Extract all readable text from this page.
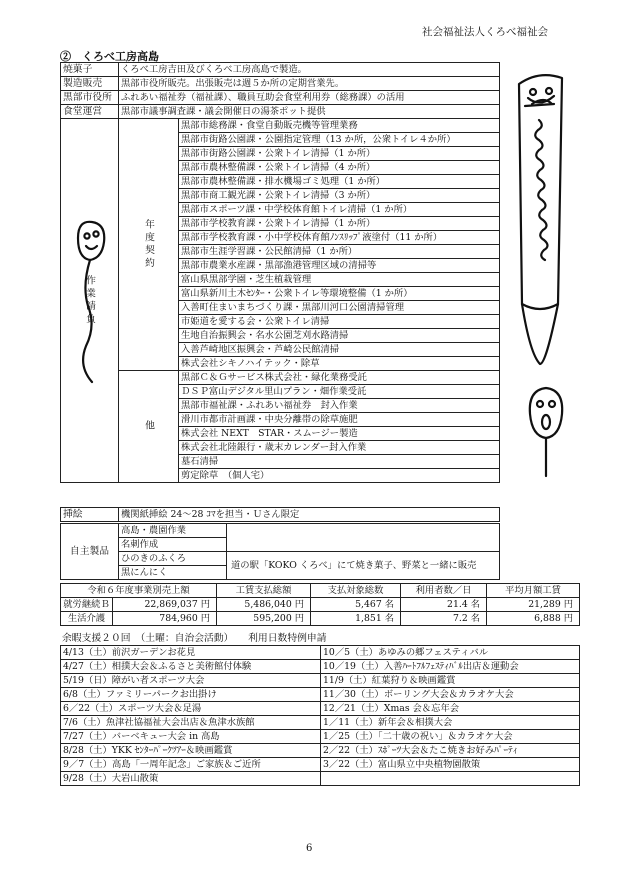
社会福祉法人くろべ福祉会
②　くろべ工房高島
焼菓子	くろべ工房吉田及びくろべ工房高島で製造。	
製造販売	黒部市役所販売。出張販売は週５か所の定期営業先。	
黒部市役所	ふれあい福祉券（福祉課）、職員互助会食堂利用券（総務課）の活用	
食堂運営	黒部市議事調査課・議会開催日の湯茶ポット提供	
作業請負	年度契約	黒部市総務課・食堂自動販売機等管理業務
		黒部市街路公園課・公園指定管理（13 か所，公衆トイレ４か所）
		黒部市街路公園課・公衆トイレ清掃（1 か所）
		黒部市農林整備課・公衆トイレ清掃（4 か所）
		黒部市農林整備課・排水機場ゴミ処理（1 か所）
		黒部市商工観光課・公衆トイレ清掃（3 か所）
		黒部市スポーツ課・中学校体育館トイレ清掃（1 か所）
		黒部市学校教育課・公衆トイレ清掃（1 か所）
		黒部市学校教育課・小中学校体育館ﾉﾝｽﾘｯﾌﾟ液塗付（11 か所）
		黒部市生涯学習課・公民館清掃（1 か所）
		黒部市農業水産課・黒部漁港管理区域の清掃等
		富山県黒部学園・芝生植栽管理
		富山県新川土木ｾﾝﾀｰ・公衆トイレ等環境整備（1 か所）
		入善町住まいまちづくり課・黒部川河口公園清掃管理
		市姫道を愛する会・公衆トイレ清掃
		生地自治振興会・名水公園芝刈水路清掃
		入善芦崎地区振興会・芦崎公民館清掃
		株式会社シキノハイテック・除草
	他	黒部Ｃ＆Ｇサービス株式会社・緑化業務受託
		ＤＳＰ富山デジタル里山プラン・畑作業受託
		黒部市福祉課・ふれあい福祉券　封入作業
		滑川市都市計画課・中央分離帯の除草施肥
		株式会社 NEXT　STAR・スムージー製造
		株式会社北陸銀行・歳末カレンダー封入作業
		墓石清掃
		剪定除草　（個人宅）
挿絵	機関紙挿絵 24～28 ｺﾏを担当・Ｕさん限定
自主製品	高島・農園作業	
	名刺作成	
	ひのきのふくろ	道の駅「KOKO くろべ」にて焼き菓子、野菜と一緒に販売
	黒にんにく	
令和６年度事業別売上額		工賃支払総額	支払対象総数	利用者数／日	平均月額工賃
就労継続Ｂ	22,869,037 円	5,486,040 円	5,467 名	21.4 名	21,289 円
生活介護	784,960 円	595,200 円	1,851 名	7.2 名	6,888 円
余暇支援２０回　（土曜：自治会活動）　　利用日数特例申請
4/13（土）前沢ガーデンお花見	10／5（土）あゆみの郷フェスティバル
4/27（土）相撲大会＆ふるさと美術館付体験	10／19（土）入善ﾊｰﾄﾌﾙﾌｪｽﾃｨﾊﾞﾙ出店＆運動会
5/19（日）障がい者スポーツ大会	11/9（土）紅葉狩り＆映画鑑賞
6/8（土）ファミリーパークお出掛け	11／30（土）ボーリング大会＆カラオケ大会
6／22（土）スポーツ大会＆足湯	12／21（土）Xmas 会＆忘年会
7/6（土）魚津社協福祉大会出店＆魚津水族館	1／11（土）新年会＆相撲大会
7/27（土）バーベキュー大会 in 高島	1／25（土）「二十歳の祝い」＆カラオケ大会
8/28（土）YKK ｾﾝﾀｰﾊﾟｰｸﾂｱｰ＆映画鑑賞	2／22（土）ｽﾎﾟｰﾂ大会＆たこ焼きお好みﾊﾟｰﾃｨ
9／7（土）高島「一周年記念」ご家族＆ご近所	3／22（土）富山県立中央植物園散策
9/28（土）大岩山散策	
6
